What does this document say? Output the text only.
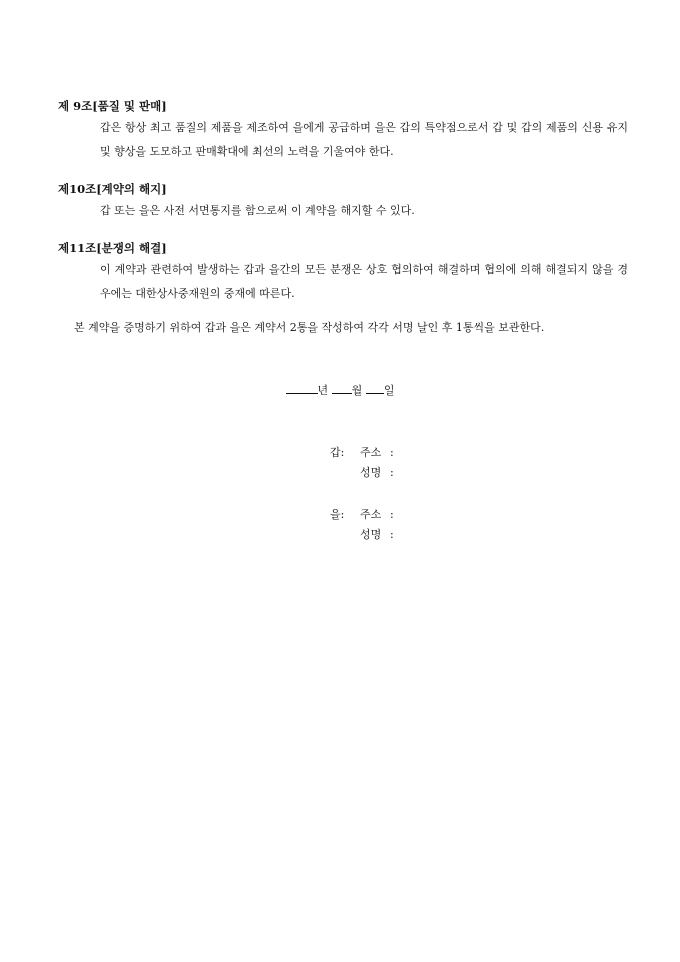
제 9조[품질 및 판매]

갑은 항상 최고 품질의 제품을 제조하여 을에게 공급하며 을은 갑의 특약점으로서 갑 및 갑의 제품의 신용 유지 및 향상을 도모하고 판매확대에 최선의 노력을 기울여야 한다.

제10조[계약의 해지]

갑 또는 을은 사전 서면통지를 함으로써 이 계약을 해지할 수 있다.

제11조[분쟁의 해결]

이 계약과 관련하여 발생하는 갑과 을간의 모든 분쟁은 상호 협의하여 해결하며 협의에 의해 해결되지 않을 경우에는 대한상사중재원의 중재에 따른다.

본 계약을 증명하기 위하여 갑과 을은 계약서 2통을 작성하여 각각 서명 날인 후 1통씩을 보관한다.

년 월 일
갑:	주소 :
성명 :
을:	주소 :
성명 :
